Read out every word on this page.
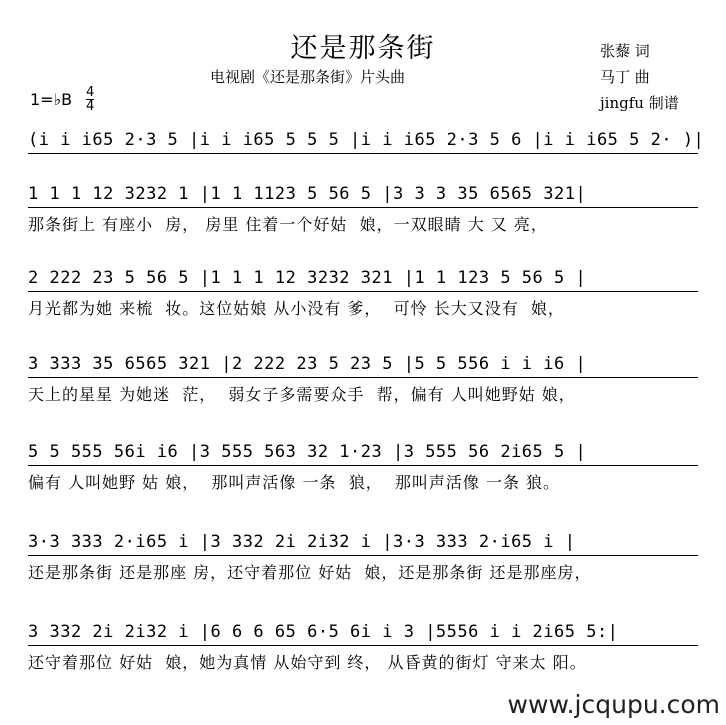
还是那条街
电视剧《还是那条街》片头曲
张藜 词
马丁 曲
jingfu 制谱
1=♭B 4
4
(i i i65 2·3 5 |i i i65 5 5 5 |i i i65 2·3 5 6 |i i i65 5 2· )|
1 1 1 12 3232 1 |1 1 1123 5 56 5 |3 3 3 35 6565 321|
那条街上 有座小  房， 房里 住着一个好姑  娘，一双眼睛 大 又 亮，
2 222 23 5 56 5 |1 1 1 12 3232 321 |1 1 123 5 56 5 |
月光都为她 来梳  妆。这位姑娘 从小没有 爹，  可怜 长大又没有  娘，
3 333 35 6565 321 |2 222 23 5 23 5 |5 5 556 i i i6 |
天上的星星 为她迷  茫，  弱女子多需要众手  帮，偏有 人叫她野姑 娘，
5 5 555 56i i6 |3 555 563 32 1·23 |3 555 56 2i65 5 |
偏有 人叫她野 姑 娘，  那叫声活像 一条  狼，  那叫声活像 一条 狼。
3·3 333 2·i65 i |3 332 2i 2i32 i |3·3 333 2·i65 i |
还是那条街 还是那座 房，还守着那位 好姑  娘，还是那条街 还是那座房，
3 332 2i 2i32 i |6 6 6 65 6·5 6i i 3 |5556 i i 2i65 5:|
还守着那位 好姑  娘，她为真情 从始守到 终， 从昏黄的街灯 守来太 阳。
www.jcqupu.com
